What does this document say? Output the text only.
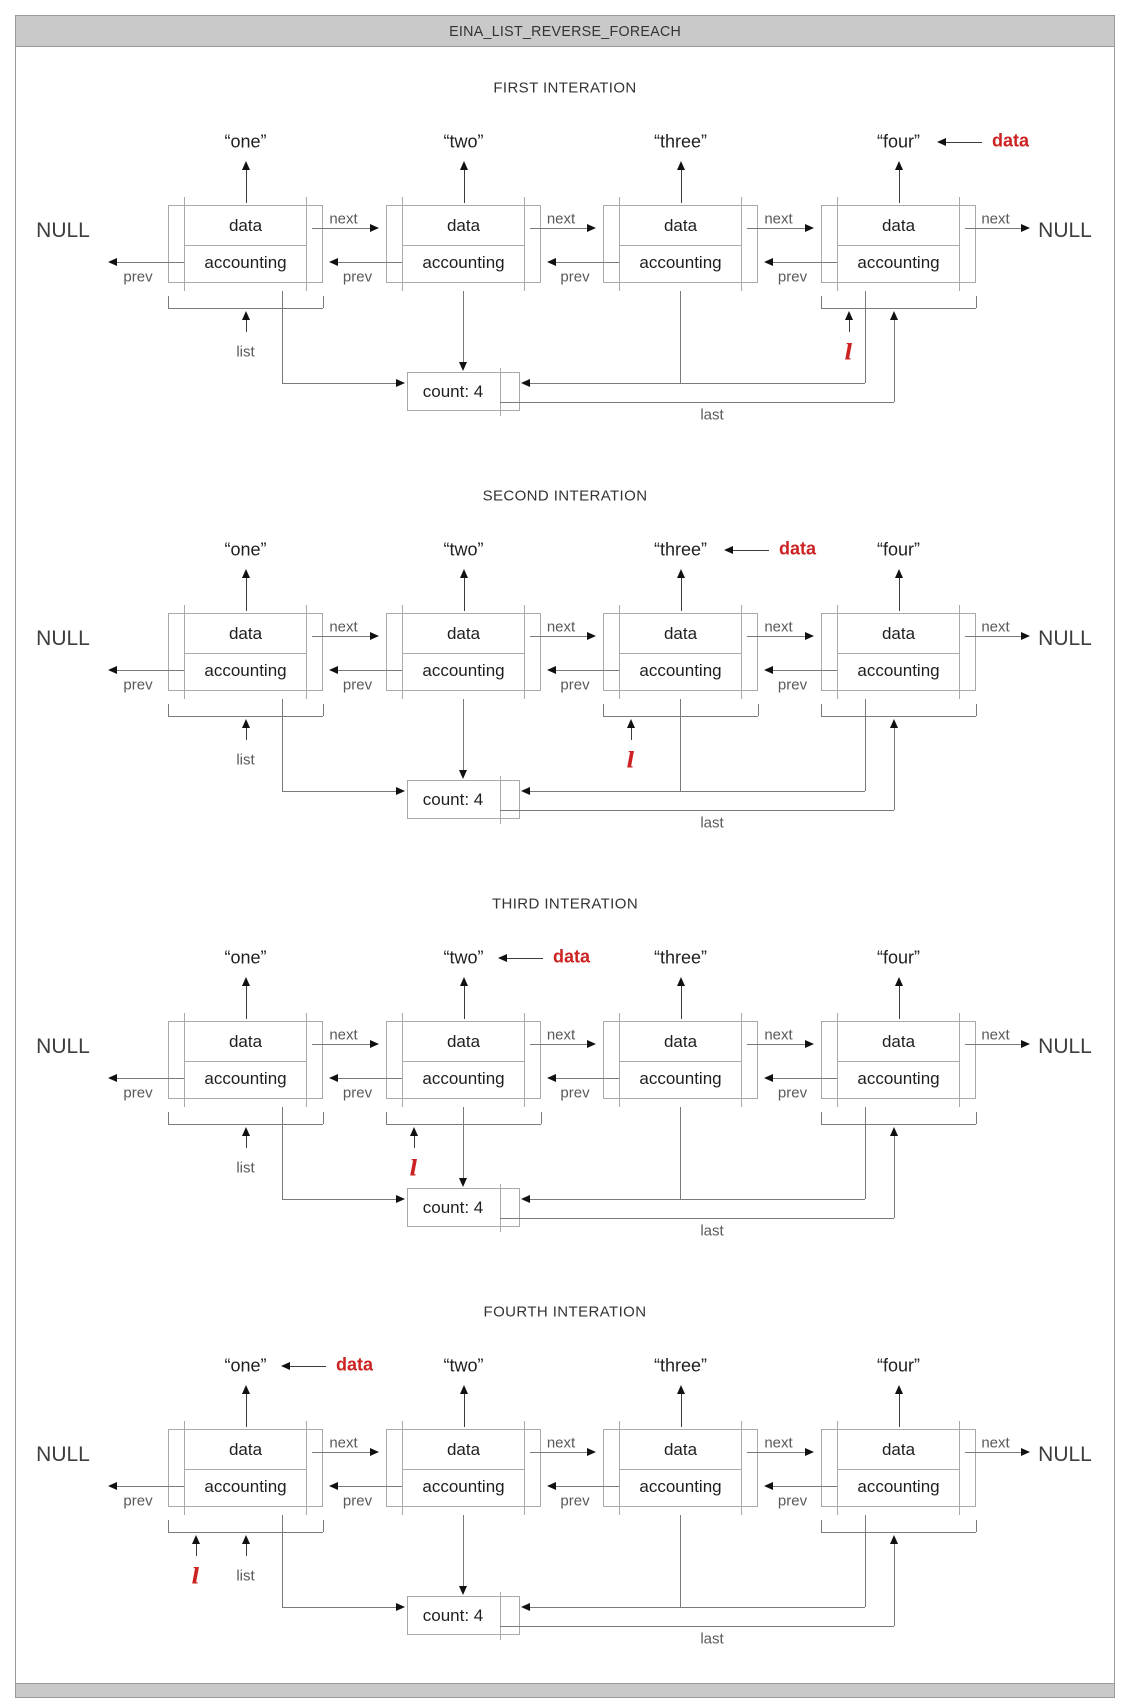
EINA_LIST_REVERSE_FOREACH
FIRST INTERATION
“one”
data
accounting
next
prev
“two”
data
accounting
next
prev
“three”
data
accounting
next
prev
“four”
data
accounting
next
prev
NULL	NULL
count: 4
last
list	l
data
SECOND INTERATION
“one”
data
accounting
next
prev
“two”
data
accounting
next
prev
“three”
data
accounting
next
prev
“four”
data
accounting
next
prev
NULL	NULL
count: 4
last
list	l
data
THIRD INTERATION
“one”
data
accounting
next
prev
“two”
data
accounting
next
prev
“three”
data
accounting
next
prev
“four”
data
accounting
next
prev
NULL	NULL
count: 4
last
list	l
data
FOURTH INTERATION
“one”
data
accounting
next
prev
“two”
data
accounting
next
prev
“three”
data
accounting
next
prev
“four”
data
accounting
next
prev
NULL	NULL
count: 4
last
list
l
data
